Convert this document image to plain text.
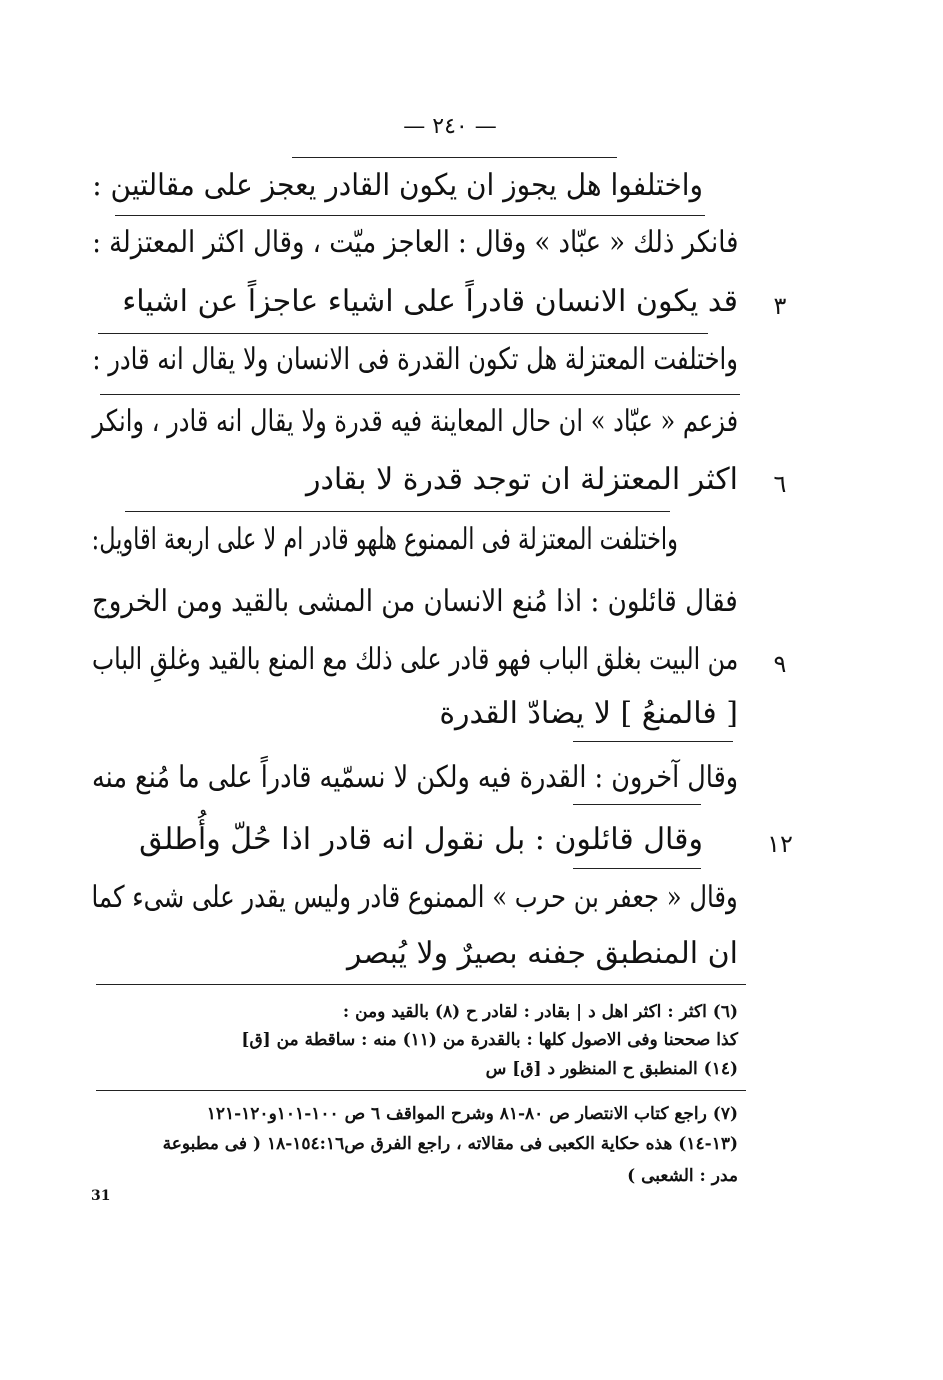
— ٢٤٠ —
واختلفوا هل يجوز ان يكون القادر يعجز على مقالتين :
فانكر ذلك « عبّاد » وقال : العاجز ميّت ، وقال اكثر المعتزلة :
قد يكون الانسان قادراً على اشياء عاجزاً عن اشياء	٣
واختلفت المعتزلة هل تكون القدرة فى الانسان ولا يقال انه قادر :
فزعم « عبّاد » ان حال المعاينة فيه قدرة ولا يقال انه قادر ، وانكر
اكثر المعتزلة ان توجد قدرة لا بقادر	٦
واختلفت المعتزلة فى الممنوع هلهو قادر ام لا على اربعة اقاويل:
فقال قائلون : اذا مُنع الانسان من المشى بالقيد ومن الخروج
من البيت بغلق الباب فهو قادر على ذلك مع المنع بالقيد وغلقِ الباب	٩
[ فالمنعُ ] لا يضادّ القدرة
وقال آخرون : القدرة فيه ولكن لا نسمّيه قادراً على ما مُنع منه
وقال قائلون : بل نقول انه قادر اذا حُلّ وأُطلق	١٢
وقال « جعفر بن حرب » الممنوع قادر وليس يقدر على شىء كما
ان المنطبق جفنه بصيرٌ ولا يُبصر
(٦) اكثر : اكثر اهل د | بقادر : لقادر ح (٨) بالقيد ومن :
كذا صححنا وفى الاصول كلها : بالقدرة من (١١) منه : ساقطة من [ق]
(١٤) المنطبق ح المنظور د [ق] س
(٧) راجع كتاب الانتصار ص ٨٠-٨١ وشرح المواقف ٦ ص ١٠٠-١٠١و١٢٠-١٢١
(١٣-١٤) هذه حكاية الكعبى فى مقالاته ، راجع الفرق ص١٥٤:١٦-١٨ ( فى مطبوعة
مدر : الشعبى )
31
